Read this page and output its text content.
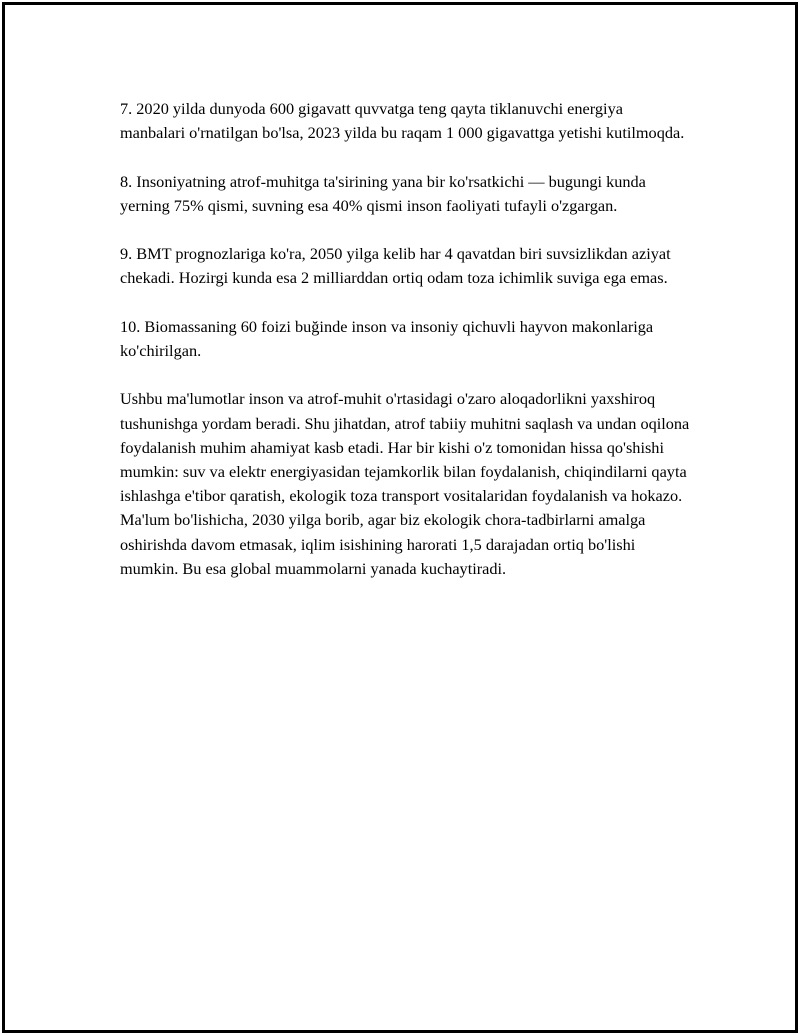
7. 2020 yilda dunyoda 600 gigavatt quvvatga teng qayta tiklanuvchi energiya manbalari o'rnatilgan bo'lsa, 2023 yilda bu raqam 1 000 gigavattga yetishi kutilmoqda.

8. Insoniyatning atrof-muhitga ta'sirining yana bir ko'rsatkichi — bugungi kunda yerning 75% qismi, suvning esa 40% qismi inson faoliyati tufayli o'zgargan.

9. BMT prognozlariga ko'ra, 2050 yilga kelib har 4 qavatdan biri suvsizlikdan aziyat chekadi. Hozirgi kunda esa 2 milliarddan ortiq odam toza ichimlik suviga ega emas.

10. Biomassaning 60 foizi buğinde inson va insoniy qichuvli hayvon makonlariga ko'chirilgan.

Ushbu ma'lumotlar inson va atrof-muhit o'rtasidagi o'zaro aloqadorlikni yaxshiroq tushunishga yordam beradi. Shu jihatdan, atrof tabiiy muhitni saqlash va undan oqilona foydalanish muhim ahamiyat kasb etadi. Har bir kishi o'z tomonidan hissa qo'shishi mumkin: suv va elektr energiyasidan tejamkorlik bilan foydalanish, chiqindilarni qayta ishlashga e'tibor qaratish, ekologik toza transport vositalaridan foydalanish va hokazo. Ma'lum bo'lishicha, 2030 yilga borib, agar biz ekologik chora-tadbirlarni amalga oshirishda davom etmasak, iqlim isishining harorati 1,5 darajadan ortiq bo'lishi mumkin. Bu esa global muammolarni yanada kuchaytiradi.
